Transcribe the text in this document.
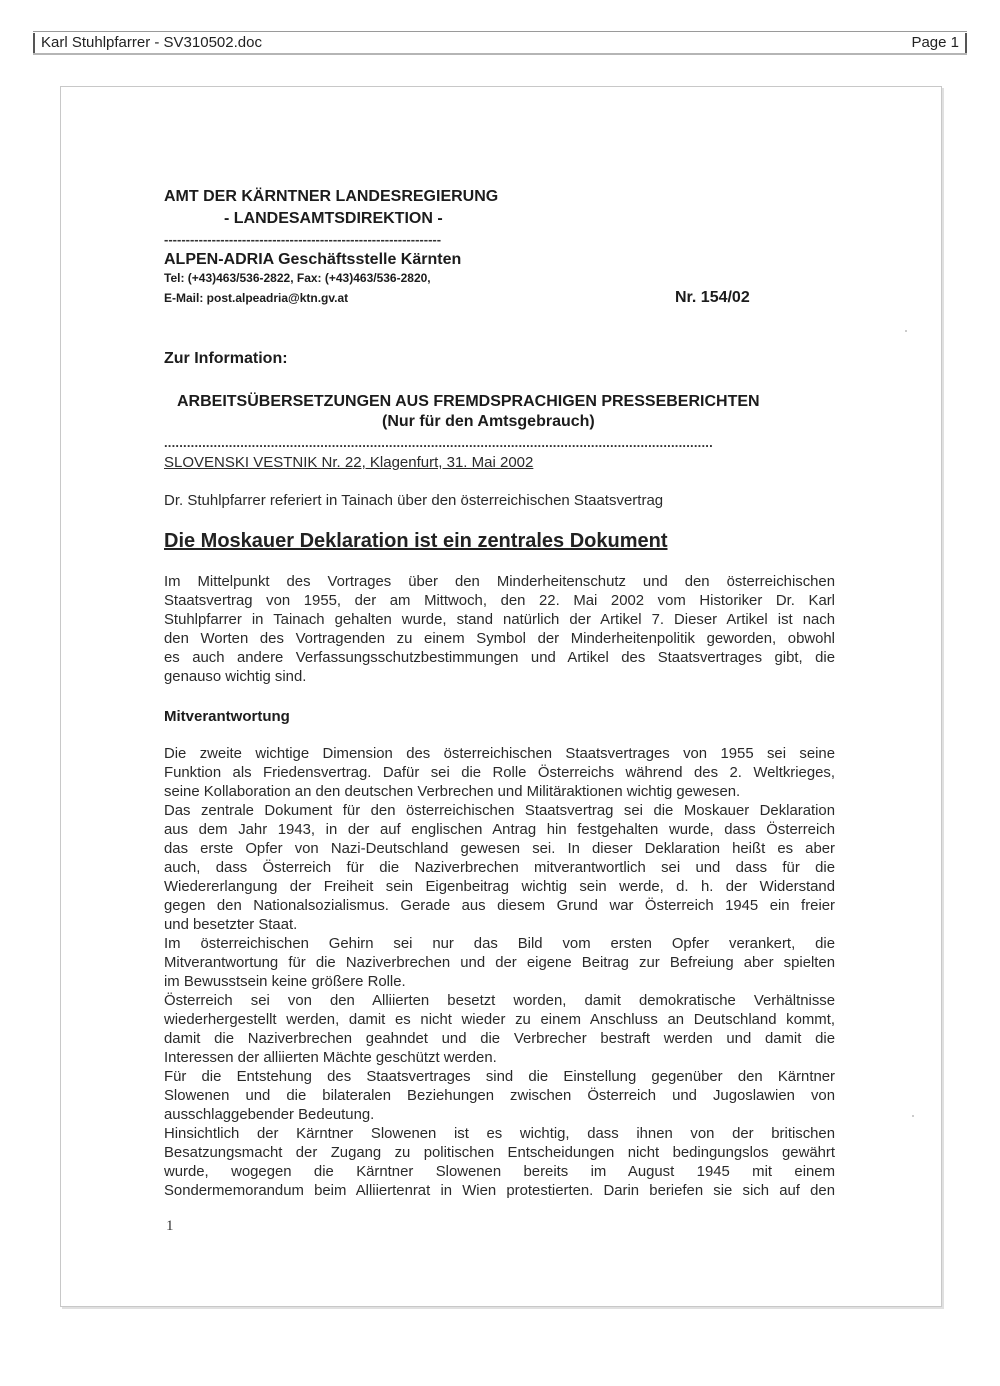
Karl Stuhlpfarrer - SV310502.doc	Page 1
AMT DER KÄRNTNER LANDESREGIERUNG
- LANDESAMTSDIREKTION -
----------------------------------------------------------------
ALPEN-ADRIA Geschäftsstelle Kärnten
Tel: (+43)463/536-2822, Fax: (+43)463/536-2820,
E-Mail: post.alpeadria@ktn.gv.at	Nr. 154/02
Zur Information:
ARBEITSÜBERSETZUNGEN AUS FREMDSPRACHIGEN PRESSEBERICHTEN
(Nur für den Amtsgebrauch)
................................................................................................................................................
SLOVENSKI VESTNIK Nr. 22, Klagenfurt, 31. Mai 2002
Dr. Stuhlpfarrer referiert in Tainach über den österreichischen Staatsvertrag
Die Moskauer Deklaration ist ein zentrales Dokument
Im Mittelpunkt des Vortrages über den Minderheitenschutz und den österreichischen
Staatsvertrag von 1955, der am Mittwoch, den 22. Mai 2002 vom Historiker Dr. Karl
Stuhlpfarrer in Tainach gehalten wurde, stand natürlich der Artikel 7. Dieser Artikel ist nach
den Worten des Vortragenden zu einem Symbol der Minderheitenpolitik geworden, obwohl
es auch andere Verfassungsschutzbestimmungen und Artikel des Staatsvertrages gibt, die
genauso wichtig sind.
Mitverantwortung
Die zweite wichtige Dimension des österreichischen Staatsvertrages von 1955 sei seine
Funktion als Friedensvertrag. Dafür sei die Rolle Österreichs während des 2. Weltkrieges,
seine Kollaboration an den deutschen Verbrechen und Militäraktionen wichtig gewesen.
Das zentrale Dokument für den österreichischen Staatsvertrag sei die Moskauer Deklaration
aus dem Jahr 1943, in der auf englischen Antrag hin festgehalten wurde, dass Österreich
das erste Opfer von Nazi-Deutschland gewesen sei. In dieser Deklaration heißt es aber
auch, dass Österreich für die Naziverbrechen mitverantwortlich sei und dass für die
Wiedererlangung der Freiheit sein Eigenbeitrag wichtig sein werde, d. h. der Widerstand
gegen den Nationalsozialismus. Gerade aus diesem Grund war Österreich 1945 ein freier
und besetzter Staat.
Im österreichischen Gehirn sei nur das Bild vom ersten Opfer verankert, die
Mitverantwortung für die Naziverbrechen und der eigene Beitrag zur Befreiung aber spielten
im Bewusstsein keine größere Rolle.
Österreich sei von den Alliierten besetzt worden, damit demokratische Verhältnisse
wiederhergestellt werden, damit es nicht wieder zu einem Anschluss an Deutschland kommt,
damit die Naziverbrechen geahndet und die Verbrecher bestraft werden und damit die
Interessen der alliierten Mächte geschützt werden.
Für die Entstehung des Staatsvertrages sind die Einstellung gegenüber den Kärntner
Slowenen und die bilateralen Beziehungen zwischen Österreich und Jugoslawien von
ausschlaggebender Bedeutung.
Hinsichtlich der Kärntner Slowenen ist es wichtig, dass ihnen von der britischen
Besatzungsmacht der Zugang zu politischen Entscheidungen nicht bedingungslos gewährt
wurde, wogegen die Kärntner Slowenen bereits im August 1945 mit einem
Sondermemorandum beim Alliiertenrat in Wien protestierten. Darin beriefen sie sich auf den
1
